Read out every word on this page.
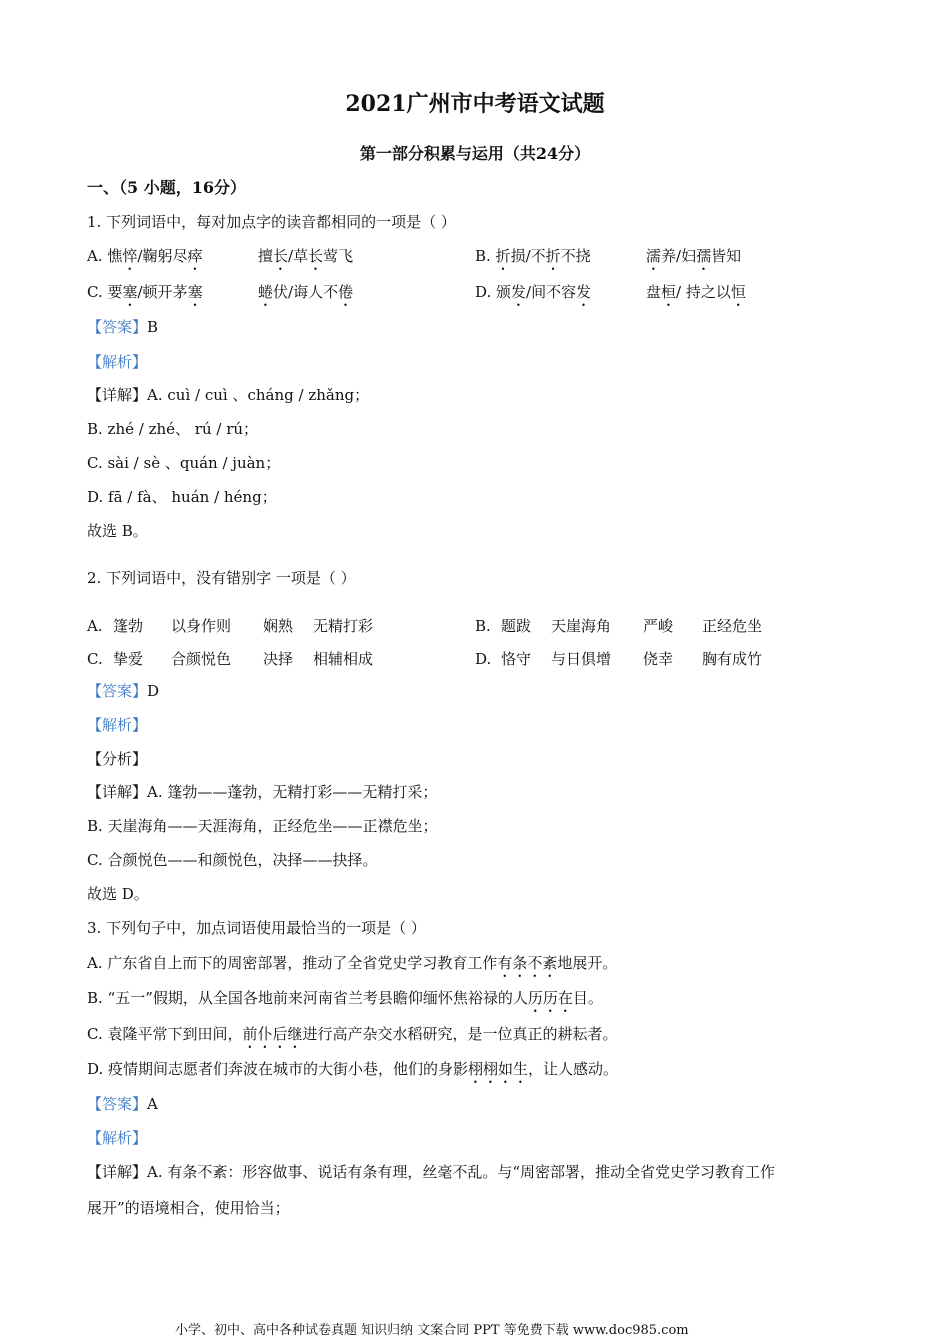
2021广州市中考语文试题
第一部分积累与运用（共24分）
一、（5 小题，16分）
1. 下列词语中，每对加点字的读音都相同的一项是（ ）
A. 憔悴/鞠躬尽瘁	擅长/草长莺飞	B. 折损/不折不挠	濡养/妇孺皆知
C. 要塞/顿开茅塞	蜷伏/诲人不倦	D. 颁发/间不容发	盘桓/ 持之以恒
【答案】B
【解析】
【详解】A. cuì / cuì 、cháng / zhǎng；
B. zhé / zhé、 rú / rú；
C. sài / sè 、quán / juàn；
D. fā / fà、 huán / héng；
故选 B。
2. 下列词语中，没有错别字 一项是（ ）
A. 篷勃 以身作则 娴熟 无精打彩	B. 题跋 天崖海角 严峻 正经危坐
C. 挚爱 合颜悦色 决择 相辅相成	D. 恪守 与日俱增 侥幸 胸有成竹
【答案】D
【解析】
【分析】
【详解】A. 篷勃——蓬勃，无精打彩——无精打采；
B. 天崖海角——天涯海角，正经危坐——正襟危坐；
C. 合颜悦色——和颜悦色，决择——抉择。
故选 D。
3. 下列句子中，加点词语使用最恰当的一项是（ ）
A. 广东省自上而下的周密部署，推动了全省党史学习教育工作有条不紊地展开。
B. “五一”假期，从全国各地前来河南省兰考县瞻仰缅怀焦裕禄的人历历在目。
C. 袁隆平常下到田间，前仆后继进行高产杂交水稻研究，是一位真正的耕耘者。
D. 疫情期间志愿者们奔波在城市的大街小巷，他们的身影栩栩如生，让人感动。
【答案】A
【解析】
【详解】A. 有条不紊：形容做事、说话有条有理，丝毫不乱。与“周密部署，推动全省党史学习教育工作
展开”的语境相合，使用恰当；
小学、初中、高中各种试卷真题 知识归纳 文案合同 PPT 等免费下载 www.doc985.com
